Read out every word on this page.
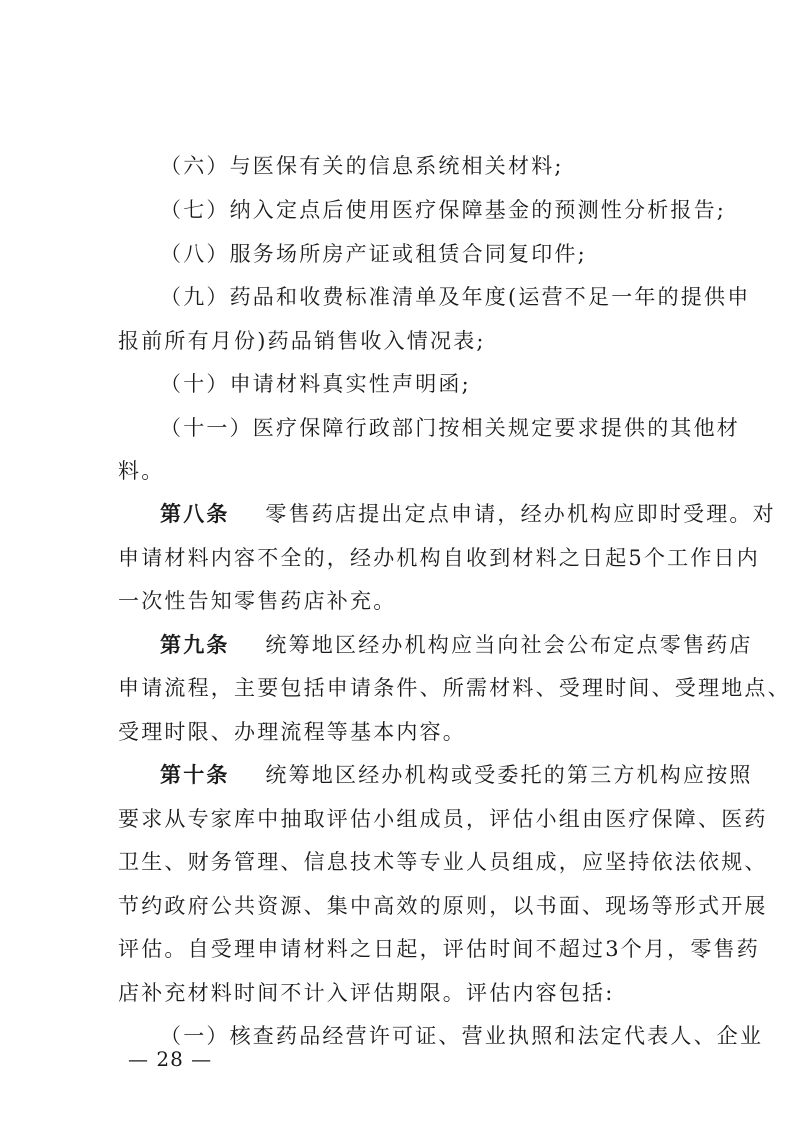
（六）与医保有关的信息系统相关材料;
（七）纳入定点后使用医疗保障基金的预测性分析报告;
（八）服务场所房产证或租赁合同复印件;
（九）药品和收费标准清单及年度(运营不足一年的提供申
报前所有月份)药品销售收入情况表;
（十）申请材料真实性声明函;
（十一）医疗保障行政部门按相关规定要求提供的其他材
料。
第八条 零售药店提出定点申请，经办机构应即时受理。对
申请材料内容不全的，经办机构自收到材料之日起5个工作日内
一次性告知零售药店补充。
第九条 统筹地区经办机构应当向社会公布定点零售药店
申请流程，主要包括申请条件、所需材料、受理时间、受理地点、
受理时限、办理流程等基本内容。
第十条 统筹地区经办机构或受委托的第三方机构应按照
要求从专家库中抽取评估小组成员，评估小组由医疗保障、医药
卫生、财务管理、信息技术等专业人员组成，应坚持依法依规、
节约政府公共资源、集中高效的原则，以书面、现场等形式开展
评估。自受理申请材料之日起，评估时间不超过3个月，零售药
店补充材料时间不计入评估期限。评估内容包括:
（一）核查药品经营许可证、营业执照和法定代表人、企业
— 28 —
